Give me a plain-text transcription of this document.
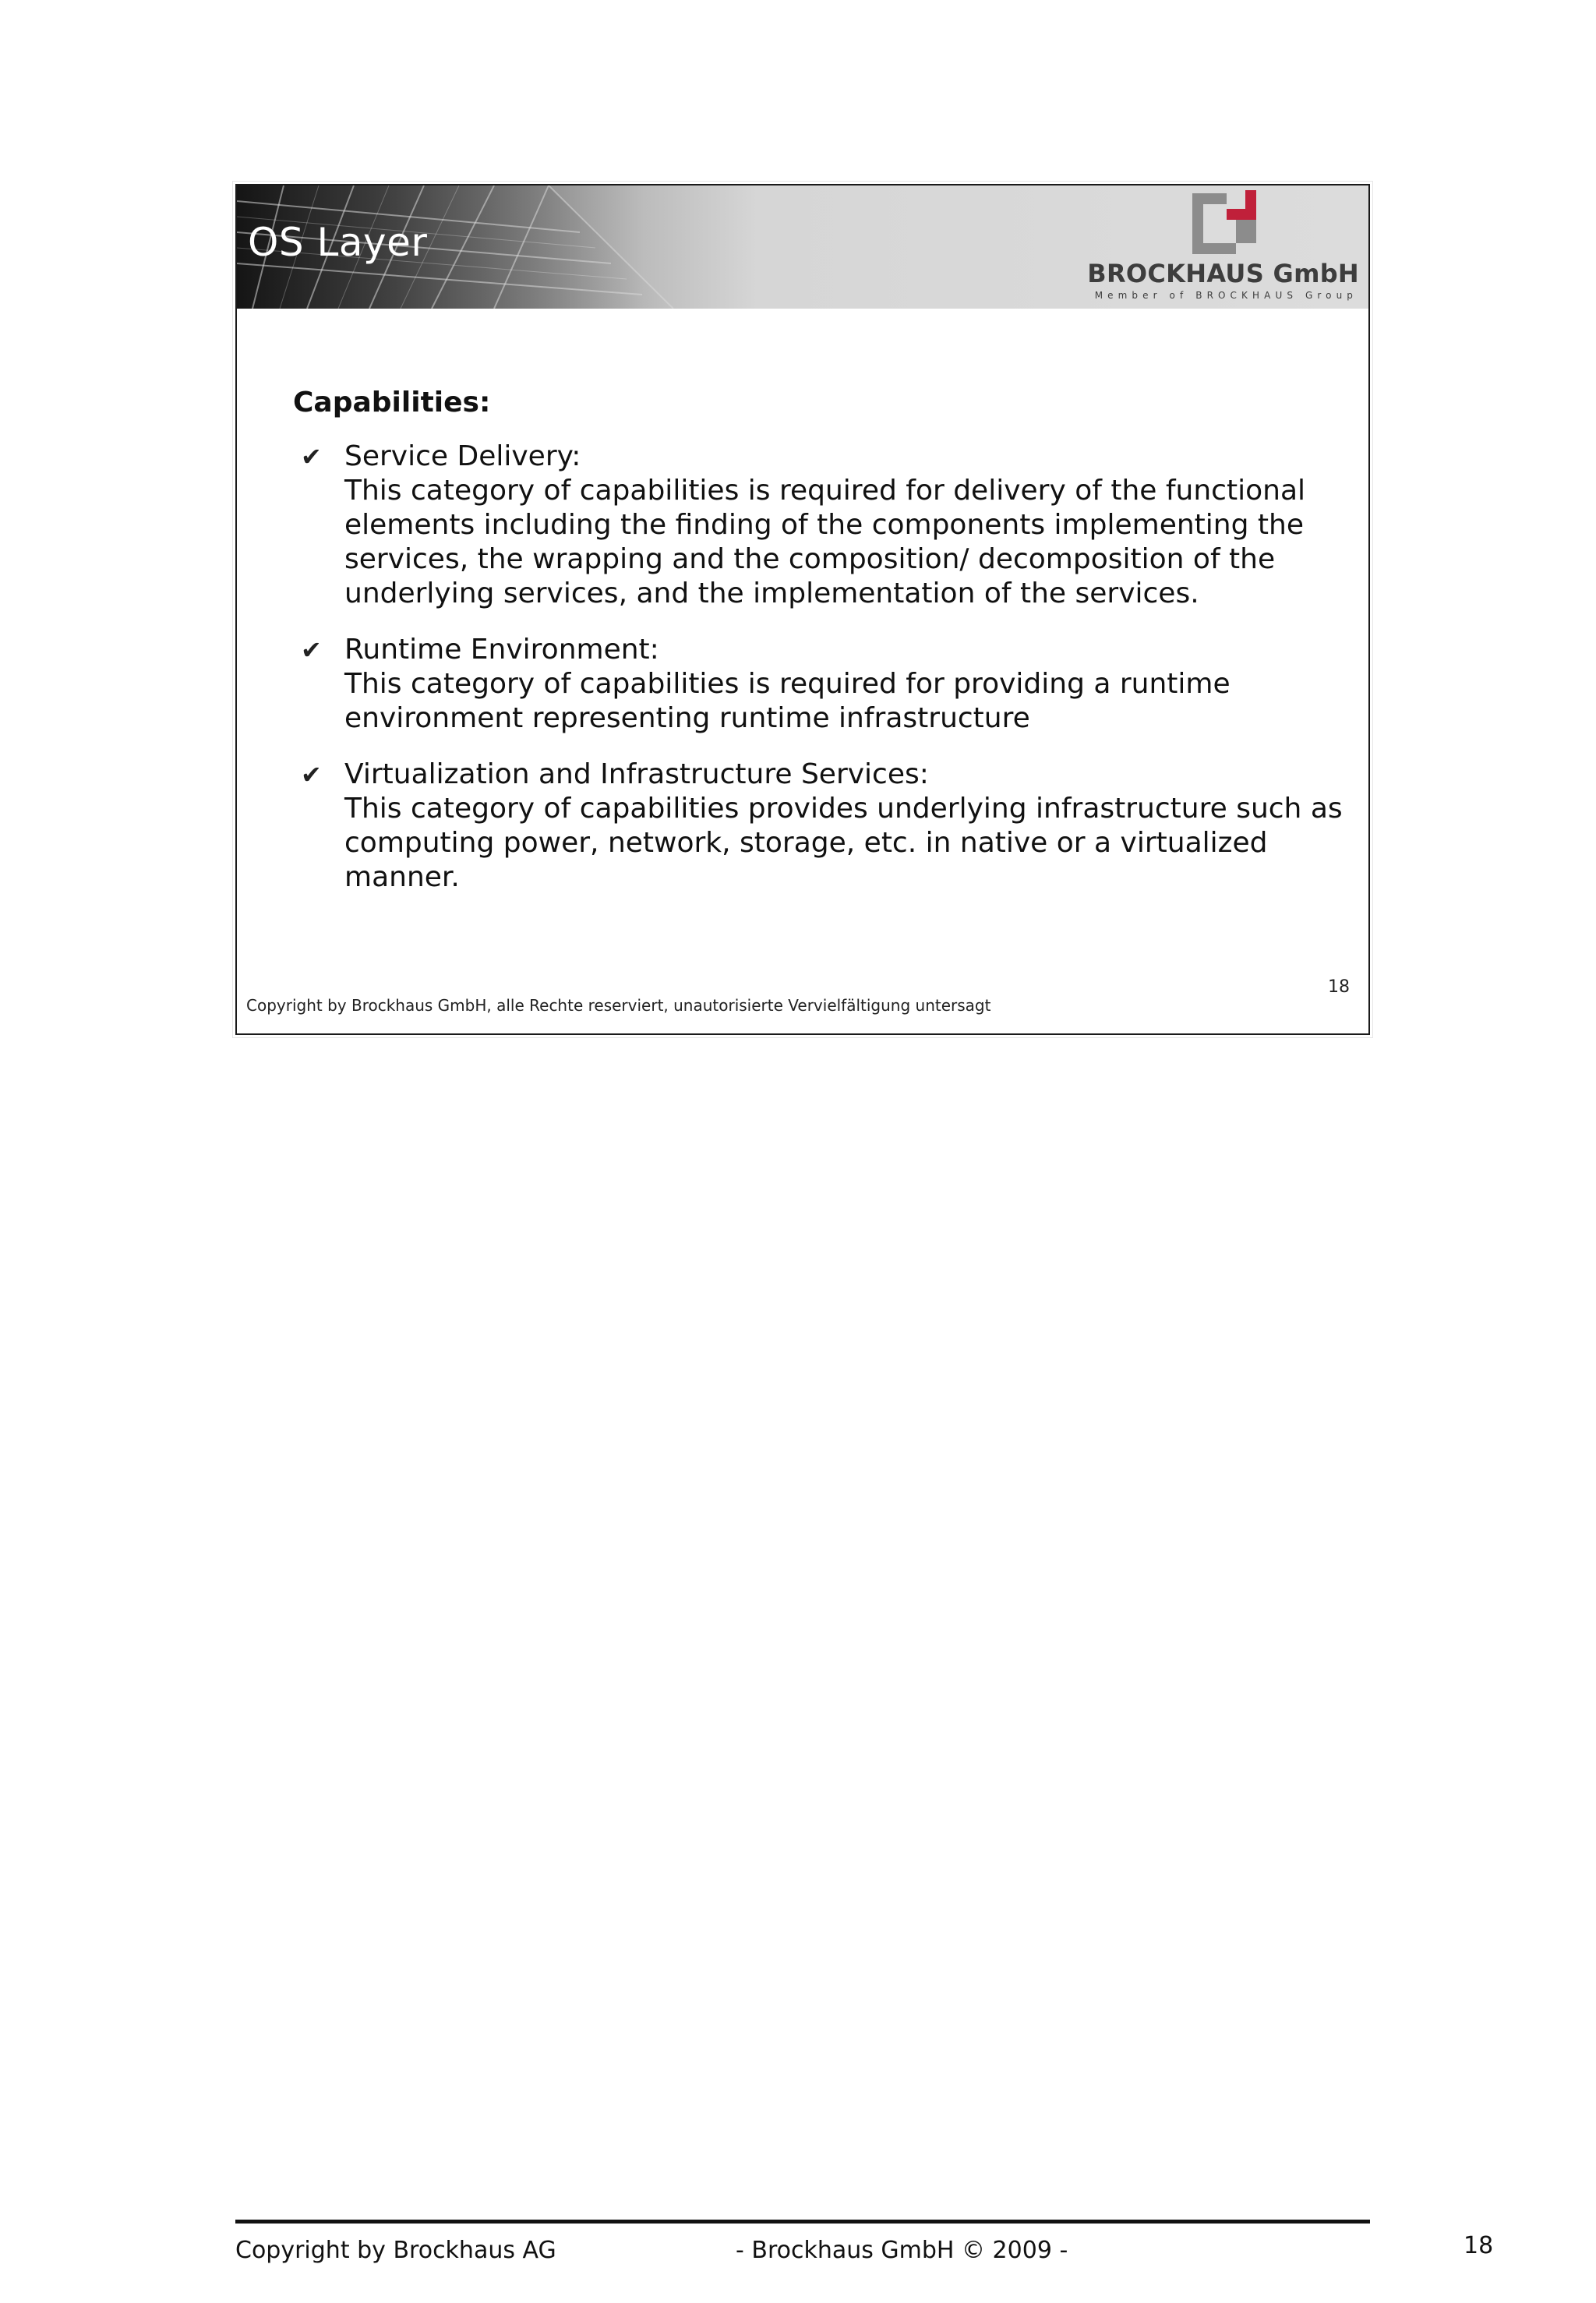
OS Layer
BROCKHAUS GmbH
Member of BROCKHAUS Group
Capabilities:
✔ Service Delivery:
This category of capabilities is required for delivery of the functional elements including the finding of the components implementing the services, the wrapping and the composition/ decomposition of the underlying services, and the implementation of the services.
✔ Runtime Environment:
This category of capabilities is required for providing a runtime environment representing runtime infrastructure
✔ Virtualization and Infrastructure Services:
This category of capabilities provides underlying infrastructure such as computing power, network, storage, etc. in native or a virtualized manner.
18
Copyright by Brockhaus GmbH, alle Rechte reserviert, unautorisierte Vervielfältigung untersagt
Copyright by Brockhaus AG	- Brockhaus GmbH © 2009 -	18
